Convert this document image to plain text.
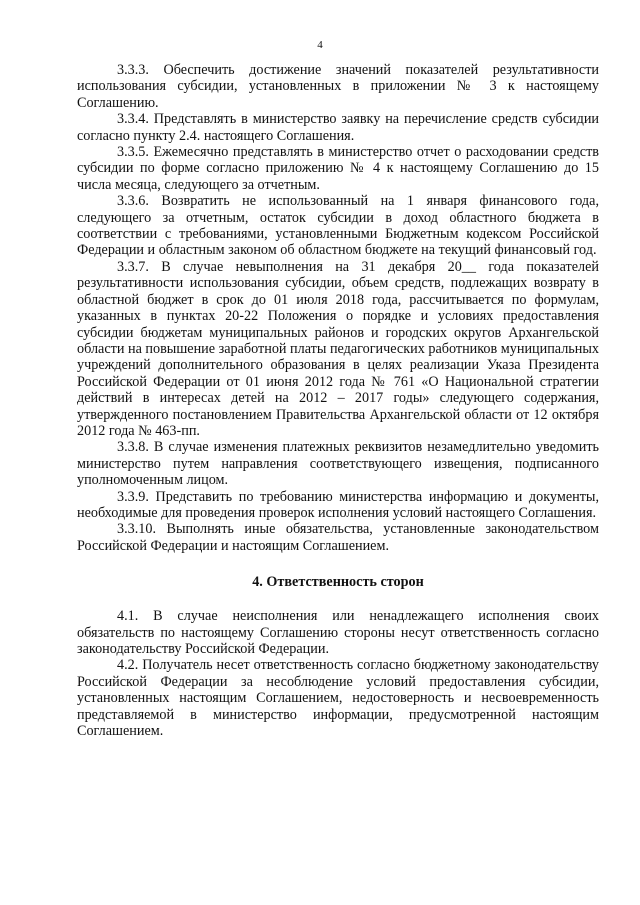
4

3.3.3. Обеспечить достижение значений показателей результативности использования субсидии, установленных в приложении № 3 к настоящему Соглашению.

3.3.4. Представлять в министерство заявку на перечисление средств субсидии согласно пункту 2.4. настоящего Соглашения.

3.3.5. Ежемесячно представлять в министерство отчет о расходовании средств субсидии по форме согласно приложению № 4 к настоящему Соглашению до 15 числа месяца, следующего за отчетным.

3.3.6. Возвратить не использованный на 1 января финансового года, следующего за отчетным, остаток субсидии в доход областного бюджета в соответствии с требованиями, установленными Бюджетным кодексом Российской Федерации и областным законом об областном бюджете на текущий финансовый год.

3.3.7. В случае невыполнения на 31 декабря 20__ года показателей результативности использования субсидии, объем средств, подлежащих возврату в областной бюджет в срок до 01 июля 2018 года, рассчитывается по формулам, указанных в пунктах 20-22 Положения о порядке и условиях предоставления субсидии бюджетам муниципальных районов и городских округов Архангельской области на повышение заработной платы педагогических работников муниципальных учреждений дополнительного образования в целях реализации Указа Президента Российской Федерации от 01 июня 2012 года № 761 «О Национальной стратегии действий в интересах детей на 2012 – 2017 годы» следующего содержания, утвержденного постановлением Правительства Архангельской области от 12 октября 2012 года № 463-пп.

3.3.8. В случае изменения платежных реквизитов незамедлительно уведомить министерство путем направления соответствующего извещения, подписанного уполномоченным лицом.

3.3.9. Представить по требованию министерства информацию и документы, необходимые для проведения проверок исполнения условий настоящего Соглашения.

3.3.10. Выполнять иные обязательства, установленные законодательством Российской Федерации и настоящим Соглашением.

4. Ответственность сторон

4.1. В случае неисполнения или ненадлежащего исполнения своих обязательств по настоящему Соглашению стороны несут ответственность согласно законодательству Российской Федерации.

4.2. Получатель несет ответственность согласно бюджетному законодательству Российской Федерации за несоблюдение условий предоставления субсидии, установленных настоящим Соглашением, недостоверность и несвоевременность представляемой в министерство информации, предусмотренной настоящим Соглашением.
